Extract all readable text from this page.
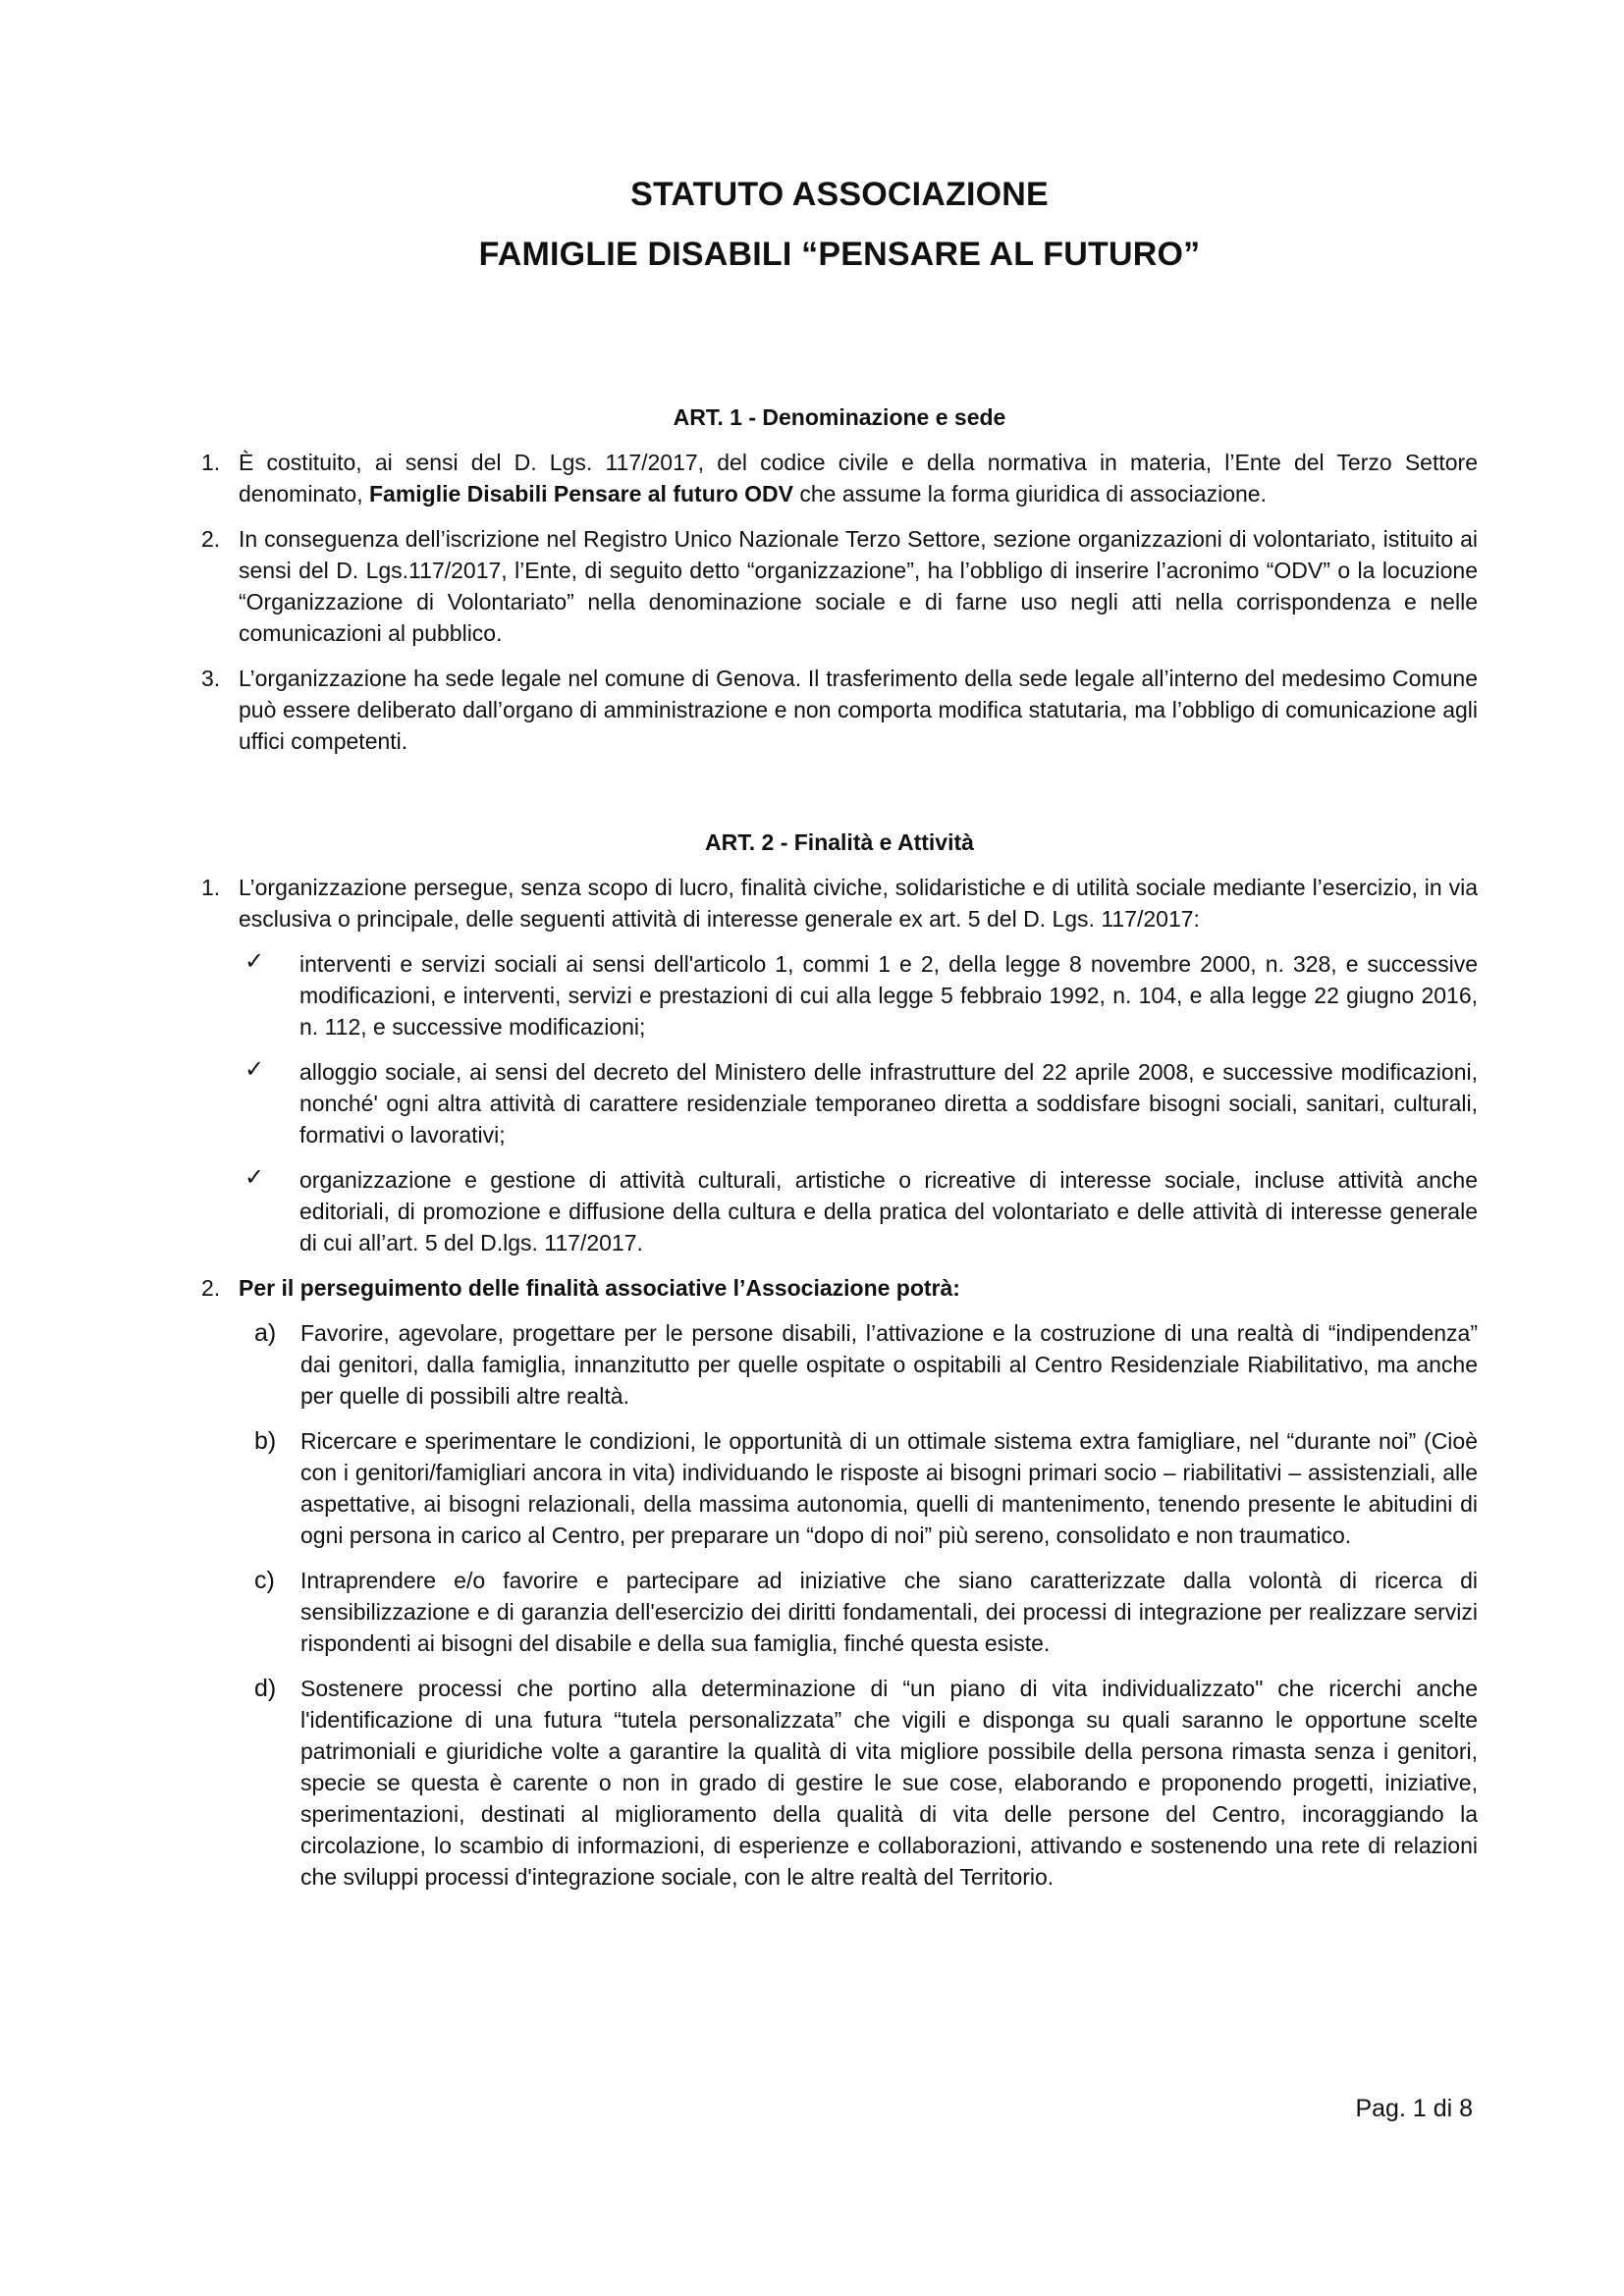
STATUTO ASSOCIAZIONE
FAMIGLIE DISABILI “PENSARE AL FUTURO”
ART. 1 - Denominazione e sede
1. È costituito, ai sensi del D. Lgs. 117/2017, del codice civile e della normativa in materia, l’Ente del Terzo Settore denominato, Famiglie Disabili Pensare al futuro ODV che assume la forma giuridica di associazione.
2. In conseguenza dell’iscrizione nel Registro Unico Nazionale Terzo Settore, sezione organizzazioni di volontariato, istituito ai sensi del D. Lgs.117/2017, l’Ente, di seguito detto “organizzazione”, ha l’obbligo di inserire l’acronimo “ODV” o la locuzione “Organizzazione di Volontariato” nella denominazione sociale e di farne uso negli atti nella corrispondenza e nelle comunicazioni al pubblico.
3. L’organizzazione ha sede legale nel comune di Genova. Il trasferimento della sede legale all’interno del medesimo Comune può essere deliberato dall’organo di amministrazione e non comporta modifica statutaria, ma l’obbligo di comunicazione agli uffici competenti.
ART. 2 - Finalità e Attività
1. L’organizzazione persegue, senza scopo di lucro, finalità civiche, solidaristiche e di utilità sociale mediante l’esercizio, in via esclusiva o principale, delle seguenti attività di interesse generale ex art. 5 del D. Lgs. 117/2017:
✓ interventi e servizi sociali ai sensi dell'articolo 1, commi 1 e 2, della legge 8 novembre 2000, n. 328, e successive modificazioni, e interventi, servizi e prestazioni di cui alla legge 5 febbraio 1992, n. 104, e alla legge 22 giugno 2016, n. 112, e successive modificazioni;
✓ alloggio sociale, ai sensi del decreto del Ministero delle infrastrutture del 22 aprile 2008, e successive modificazioni, nonché' ogni altra attività di carattere residenziale temporaneo diretta a soddisfare bisogni sociali, sanitari, culturali, formativi o lavorativi;
✓ organizzazione e gestione di attività culturali, artistiche o ricreative di interesse sociale, incluse attività anche editoriali, di promozione e diffusione della cultura e della pratica del volontariato e delle attività di interesse generale di cui all’art. 5 del D.lgs. 117/2017.
2. Per il perseguimento delle finalità associative l’Associazione potrà:
a) Favorire, agevolare, progettare per le persone disabili, l’attivazione e la costruzione di una realtà di “indipendenza” dai genitori, dalla famiglia, innanzitutto per quelle ospitate o ospitabili al Centro Residenziale Riabilitativo, ma anche per quelle di possibili altre realtà.
b) Ricercare e sperimentare le condizioni, le opportunità di un ottimale sistema extra famigliare, nel “durante noi” (Cioè con i genitori/famigliari ancora in vita) individuando le risposte ai bisogni primari socio – riabilitativi – assistenziali, alle aspettative, ai bisogni relazionali, della massima autonomia, quelli di mantenimento, tenendo presente le abitudini di ogni persona in carico al Centro, per preparare un “dopo di noi” più sereno, consolidato e non traumatico.
c) Intraprendere e/o favorire e partecipare ad iniziative che siano caratterizzate dalla volontà di ricerca di sensibilizzazione e di garanzia dell'esercizio dei diritti fondamentali, dei processi di integrazione per realizzare servizi rispondenti ai bisogni del disabile e della sua famiglia, finché questa esiste.
d) Sostenere processi che portino alla determinazione di “un piano di vita individualizzato" che ricerchi anche l'identificazione di una futura “tutela personalizzata” che vigili e disponga su quali saranno le opportune scelte patrimoniali e giuridiche volte a garantire la qualità di vita migliore possibile della persona rimasta senza i genitori, specie se questa è carente o non in grado di gestire le sue cose, elaborando e proponendo progetti, iniziative, sperimentazioni, destinati al miglioramento della qualità di vita delle persone del Centro, incoraggiando la circolazione, lo scambio di informazioni, di esperienze e collaborazioni, attivando e sostenendo una rete di relazioni che sviluppi processi d'integrazione sociale, con le altre realtà del Territorio.
Pag. 1 di 8
